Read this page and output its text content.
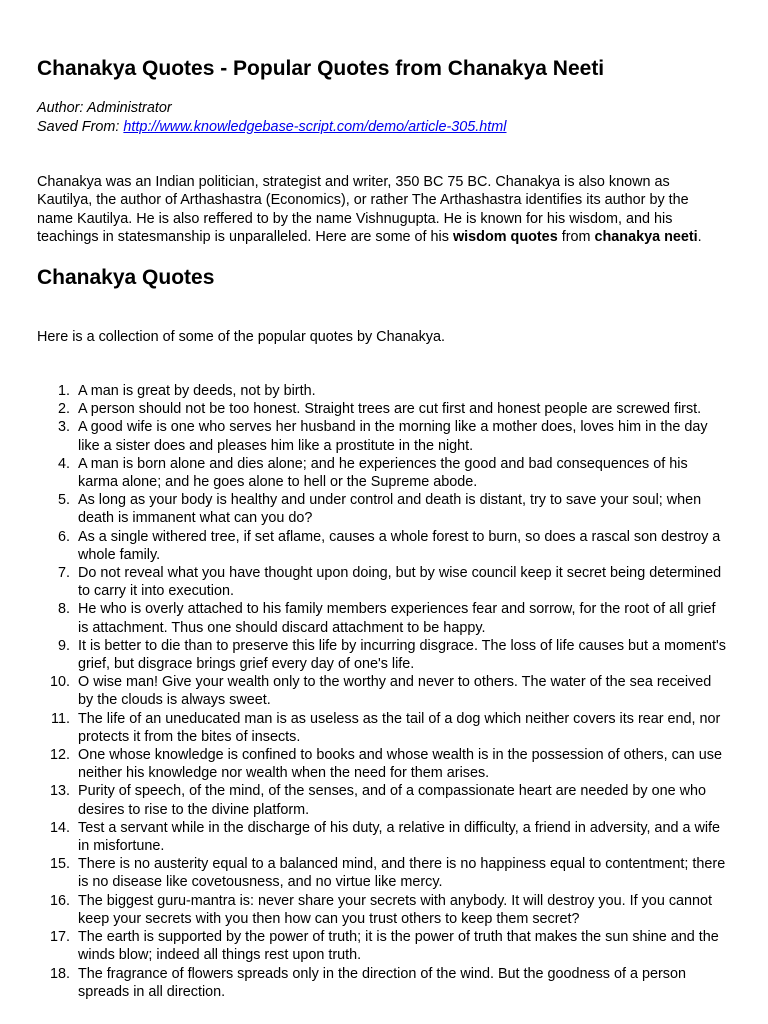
Chanakya Quotes - Popular Quotes from Chanakya Neeti
Author: Administrator
Saved From: http://www.knowledgebase-script.com/demo/article-305.html

Chanakya was an Indian politician, strategist and writer, 350 BC 75 BC. Chanakya is also known as Kautilya, the author of Arthashastra (Economics), or rather The Arthashastra identifies its author by the name Kautilya. He is also reffered to by the name Vishnugupta. He is known for his wisdom, and his teachings in statesmanship is unparalleled. Here are some of his wisdom quotes from chanakya neeti.

Chanakya Quotes

Here is a collection of some of the popular quotes by Chanakya.

1 . A man is great by deeds, not by birth.
2 . A person should not be too honest. Straight trees are cut first and honest people are screwed first.
3 . A good wife is one who serves her husband in the morning like a mother does, loves him in the day like a sister does and pleases him like a prostitute in the night.
4 . A man is born alone and dies alone; and he experiences the good and bad consequences of his karma alone; and he goes alone to hell or the Supreme abode.
5 . As long as your body is healthy and under control and death is distant, try to save your soul; when death is immanent what can you do?
6 . As a single withered tree, if set aflame, causes a whole forest to burn, so does a rascal son destroy a whole family.
7 . Do not reveal what you have thought upon doing, but by wise council keep it secret being determined to carry it into execution.
8 . He who is overly attached to his family members experiences fear and sorrow, for the root of all grief is attachment. Thus one should discard attachment to be happy.
9 . It is better to die than to preserve this life by incurring disgrace. The loss of life causes but a moment's grief, but disgrace brings grief every day of one's life.
10 . O wise man! Give your wealth only to the worthy and never to others. The water of the sea received by the clouds is always sweet.
11 . The life of an uneducated man is as useless as the tail of a dog which neither covers its rear end, nor protects it from the bites of insects.
12 . One whose knowledge is confined to books and whose wealth is in the possession of others, can use neither his knowledge nor wealth when the need for them arises.
13 . Purity of speech, of the mind, of the senses, and of a compassionate heart are needed by one who desires to rise to the divine platform.
14 . Test a servant while in the discharge of his duty, a relative in difficulty, a friend in adversity, and a wife in misfortune.
15 . There is no austerity equal to a balanced mind, and there is no happiness equal to contentment; there is no disease like covetousness, and no virtue like mercy.
16 . The biggest guru-mantra is: never share your secrets with anybody. It will destroy you. If you cannot keep your secrets with you then how can you trust others to keep them secret?
17 . The earth is supported by the power of truth; it is the power of truth that makes the sun shine and the winds blow; indeed all things rest upon truth.
18 . The fragrance of flowers spreads only in the direction of the wind. But the goodness of a person spreads in all direction.
